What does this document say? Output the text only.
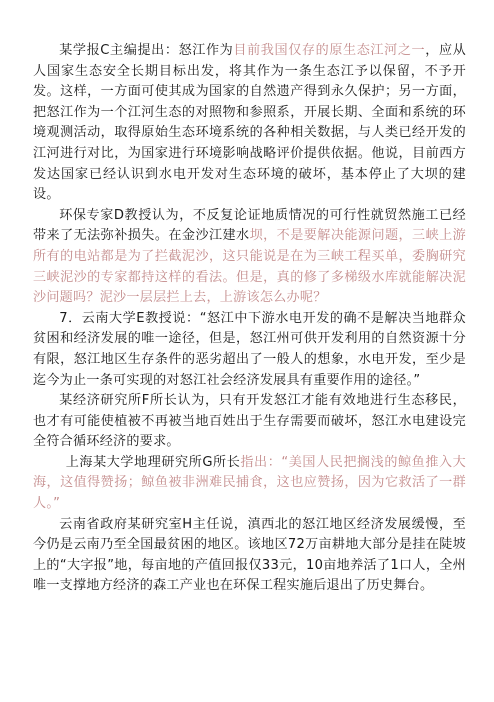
某学报C主编提出：怒江作为目前我国仅存的原生态江河之一，应从人国家生态安全长期目标出发，将其作为一条生态江予以保留，不予开发。这样，一方面可使其成为国家的自然遗产得到永久保护；另一方面，把怒江作为一个江河生态的对照物和参照系，开展长期、全面和系统的环境观测活动，取得原始生态环境系统的各种相关数据，与人类已经开发的江河进行对比，为国家进行环境影响战略评价提供依据。他说，目前西方发达国家已经认识到水电开发对生态环境的破坏，基本停止了大坝的建设。

环保专家D教授认为，不反复论证地质情况的可行性就贸然施工已经带来了无法弥补损失。在金沙江建水坝，不是要解决能源问题，三峡上游所有的电站都是为了拦截泥沙，这只能说是在为三峡工程买单，委胸研究三峡泥沙的专家都持这样的看法。但是，真的修了多梯级水库就能解决泥沙问题吗？泥沙一层层拦上去，上游该怎么办呢？

7．云南大学E教授说：“怒江中下游水电开发的确不是解决当地群众贫困和经济发展的唯一途径，但是，怒江州可供开发利用的自然资源十分有限，怒江地区生存条件的恶劣超出了一般人的想象，水电开发，至少是迄今为止一条可实现的对怒江社会经济发展具有重要作用的途径。”

某经济研究所F所长认为，只有开发怒江才能有效地进行生态移民，也才有可能使植被不再被当地百姓出于生存需要而破坏，怒江水电建设完全符合循环经济的要求。

上海某大学地理研究所G所长指出：“美国人民把搁浅的鲸鱼推入大海，这值得赞扬；鲸鱼被非洲难民捕食，这也应赞扬，因为它救活了一群人。”

云南省政府某研究室H主任说，滇西北的怒江地区经济发展缓慢，至今仍是云南乃至全国最贫困的地区。该地区72万亩耕地大部分是挂在陡坡上的“大字报”地，每亩地的产值回报仅33元，10亩地养活了1口人，全州唯一支撑地方经济的森工产业也在环保工程实施后退出了历史舞台。
